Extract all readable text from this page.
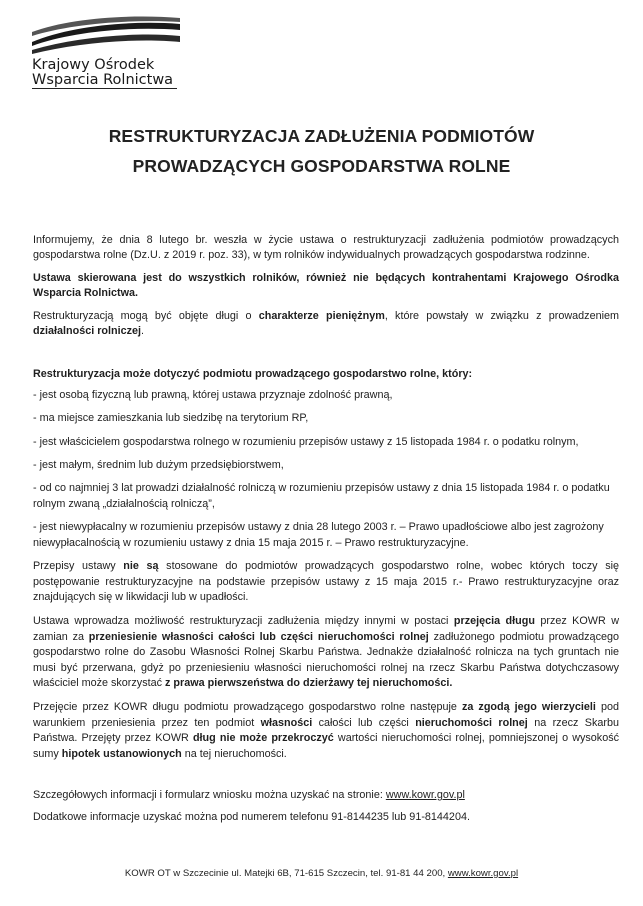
Krajowy Ośrodek
Wsparcia Rolnictwa
RESTRUKTURYZACJA ZADŁUŻENIA PODMIOTÓW
PROWADZĄCYCH GOSPODARSTWA ROLNE

Informujemy, że dnia 8 lutego br. weszła w życie ustawa o restrukturyzacji zadłużenia podmiotów prowadzących gospodarstwa rolne (Dz.U. z 2019 r. poz. 33), w tym rolników indywidualnych prowadzących gospodarstwa rodzinne.

Ustawa skierowana jest do wszystkich rolników, również nie będących kontrahentami Krajowego Ośrodka Wsparcia Rolnictwa.

Restrukturyzacją mogą być objęte długi o charakterze pieniężnym, które powstały w związku z prowadzeniem działalności rolniczej.

Restrukturyzacja może dotyczyć podmiotu prowadzącego gospodarstwo rolne, który:

- jest osobą fizyczną lub prawną, której ustawa przyznaje zdolność prawną,

- ma miejsce zamieszkania lub siedzibę na terytorium RP,

- jest właścicielem gospodarstwa rolnego w rozumieniu przepisów ustawy z 15 listopada 1984 r. o podatku rolnym,

- jest małym, średnim lub dużym przedsiębiorstwem,

- od co najmniej 3 lat prowadzi działalność rolniczą w rozumieniu przepisów ustawy z dnia 15 listopada 1984 r. o podatku rolnym zwaną „działalnością rolniczą”,

- jest niewypłacalny w rozumieniu przepisów ustawy z dnia 28 lutego 2003 r. – Prawo upadłościowe albo jest zagrożony niewypłacalnością w rozumieniu ustawy z dnia 15 maja 2015 r. – Prawo restrukturyzacyjne.

Przepisy ustawy nie są stosowane do podmiotów prowadzących gospodarstwo rolne, wobec których toczy się postępowanie restrukturyzacyjne na podstawie przepisów ustawy z 15 maja 2015 r.- Prawo restrukturyzacyjne oraz znajdujących się w likwidacji lub w upadłości.

Ustawa wprowadza możliwość restrukturyzacji zadłużenia między innymi w postaci przejęcia długu przez KOWR w zamian za przeniesienie własności całości lub części nieruchomości rolnej zadłużonego podmiotu prowadzącego gospodarstwo rolne do Zasobu Własności Rolnej Skarbu Państwa. Jednakże działalność rolnicza na tych gruntach nie musi być przerwana, gdyż po przeniesieniu własności nieruchomości rolnej na rzecz Skarbu Państwa dotychczasowy właściciel może skorzystać z prawa pierwszeństwa do dzierżawy tej nieruchomości.

Przejęcie przez KOWR długu podmiotu prowadzącego gospodarstwo rolne następuje za zgodą jego wierzycieli pod warunkiem przeniesienia przez ten podmiot własności całości lub części nieruchomości rolnej na rzecz Skarbu Państwa. Przejęty przez KOWR dług nie może przekroczyć wartości nieruchomości rolnej, pomniejszonej o wysokość sumy hipotek ustanowionych na tej nieruchomości.

Szczegółowych informacji i formularz wniosku można uzyskać na stronie: www.kowr.gov.pl

Dodatkowe informacje uzyskać można pod numerem telefonu 91-8144235 lub 91-8144204.

KOWR OT w Szczecinie ul. Matejki 6B, 71-615 Szczecin, tel. 91-81 44 200, www.kowr.gov.pl
